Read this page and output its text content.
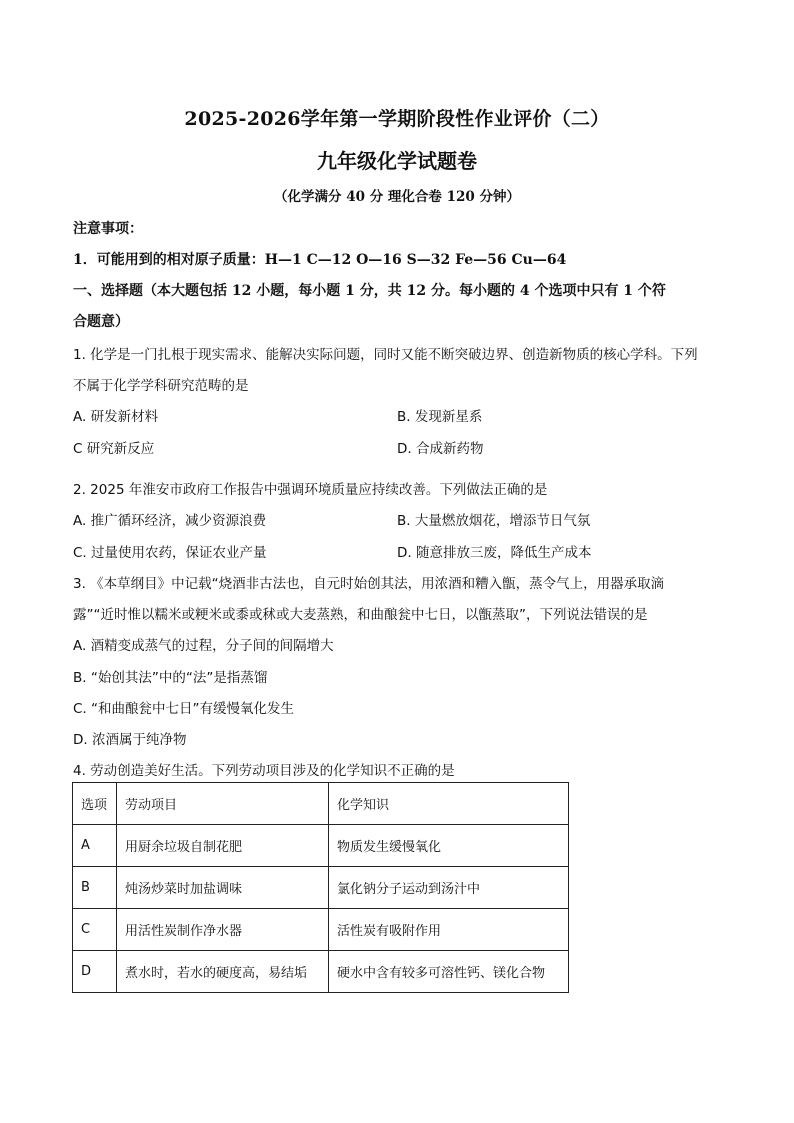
2025-2026学年第一学期阶段性作业评价（二）
九年级化学试题卷
（化学满分 40 分 理化合卷 120 分钟）
注意事项：
1．可能用到的相对原子质量：H—1 C—12 O—16 S—32 Fe—56 Cu—64
一、选择题（本大题包括 12 小题，每小题 1 分，共 12 分。每小题的 4 个选项中只有 1 个符
合题意）
1. 化学是一门扎根于现实需求、能解决实际问题，同时又能不断突破边界、创造新物质的核心学科。下列
不属于化学学科研究范畴的是
A. 研发新材料	B. 发现新星系
C 研究新反应	D. 合成新药物
2. 2025 年淮安市政府工作报告中强调环境质量应持续改善。下列做法正确的是
A. 推广循环经济，减少资源浪费	B. 大量燃放烟花，增添节日气氛
C. 过量使用农药，保证农业产量	D. 随意排放三废，降低生产成本
3. 《本草纲目》中记载“烧酒非古法也，自元时始创其法，用浓酒和糟入甑，蒸令气上，用器承取滴
露”“近时惟以糯米或粳米或黍或秫或大麦蒸熟，和曲酿瓮中七日，以甑蒸取”，下列说法错误的是
A. 酒精变成蒸气的过程，分子间的间隔增大
B. “始创其法”中的“法”是指蒸馏
C. “和曲酿瓮中七日”有缓慢氧化发生
D. 浓酒属于纯净物
4. 劳动创造美好生活。下列劳动项目涉及的化学知识不正确的是
选项	劳动项目	化学知识
A	用厨余垃圾自制花肥	物质发生缓慢氧化
B	炖汤炒菜时加盐调味	氯化钠分子运动到汤汁中
C	用活性炭制作净水器	活性炭有吸附作用
D	煮水时，若水的硬度高，易结垢	硬水中含有较多可溶性钙、镁化合物
